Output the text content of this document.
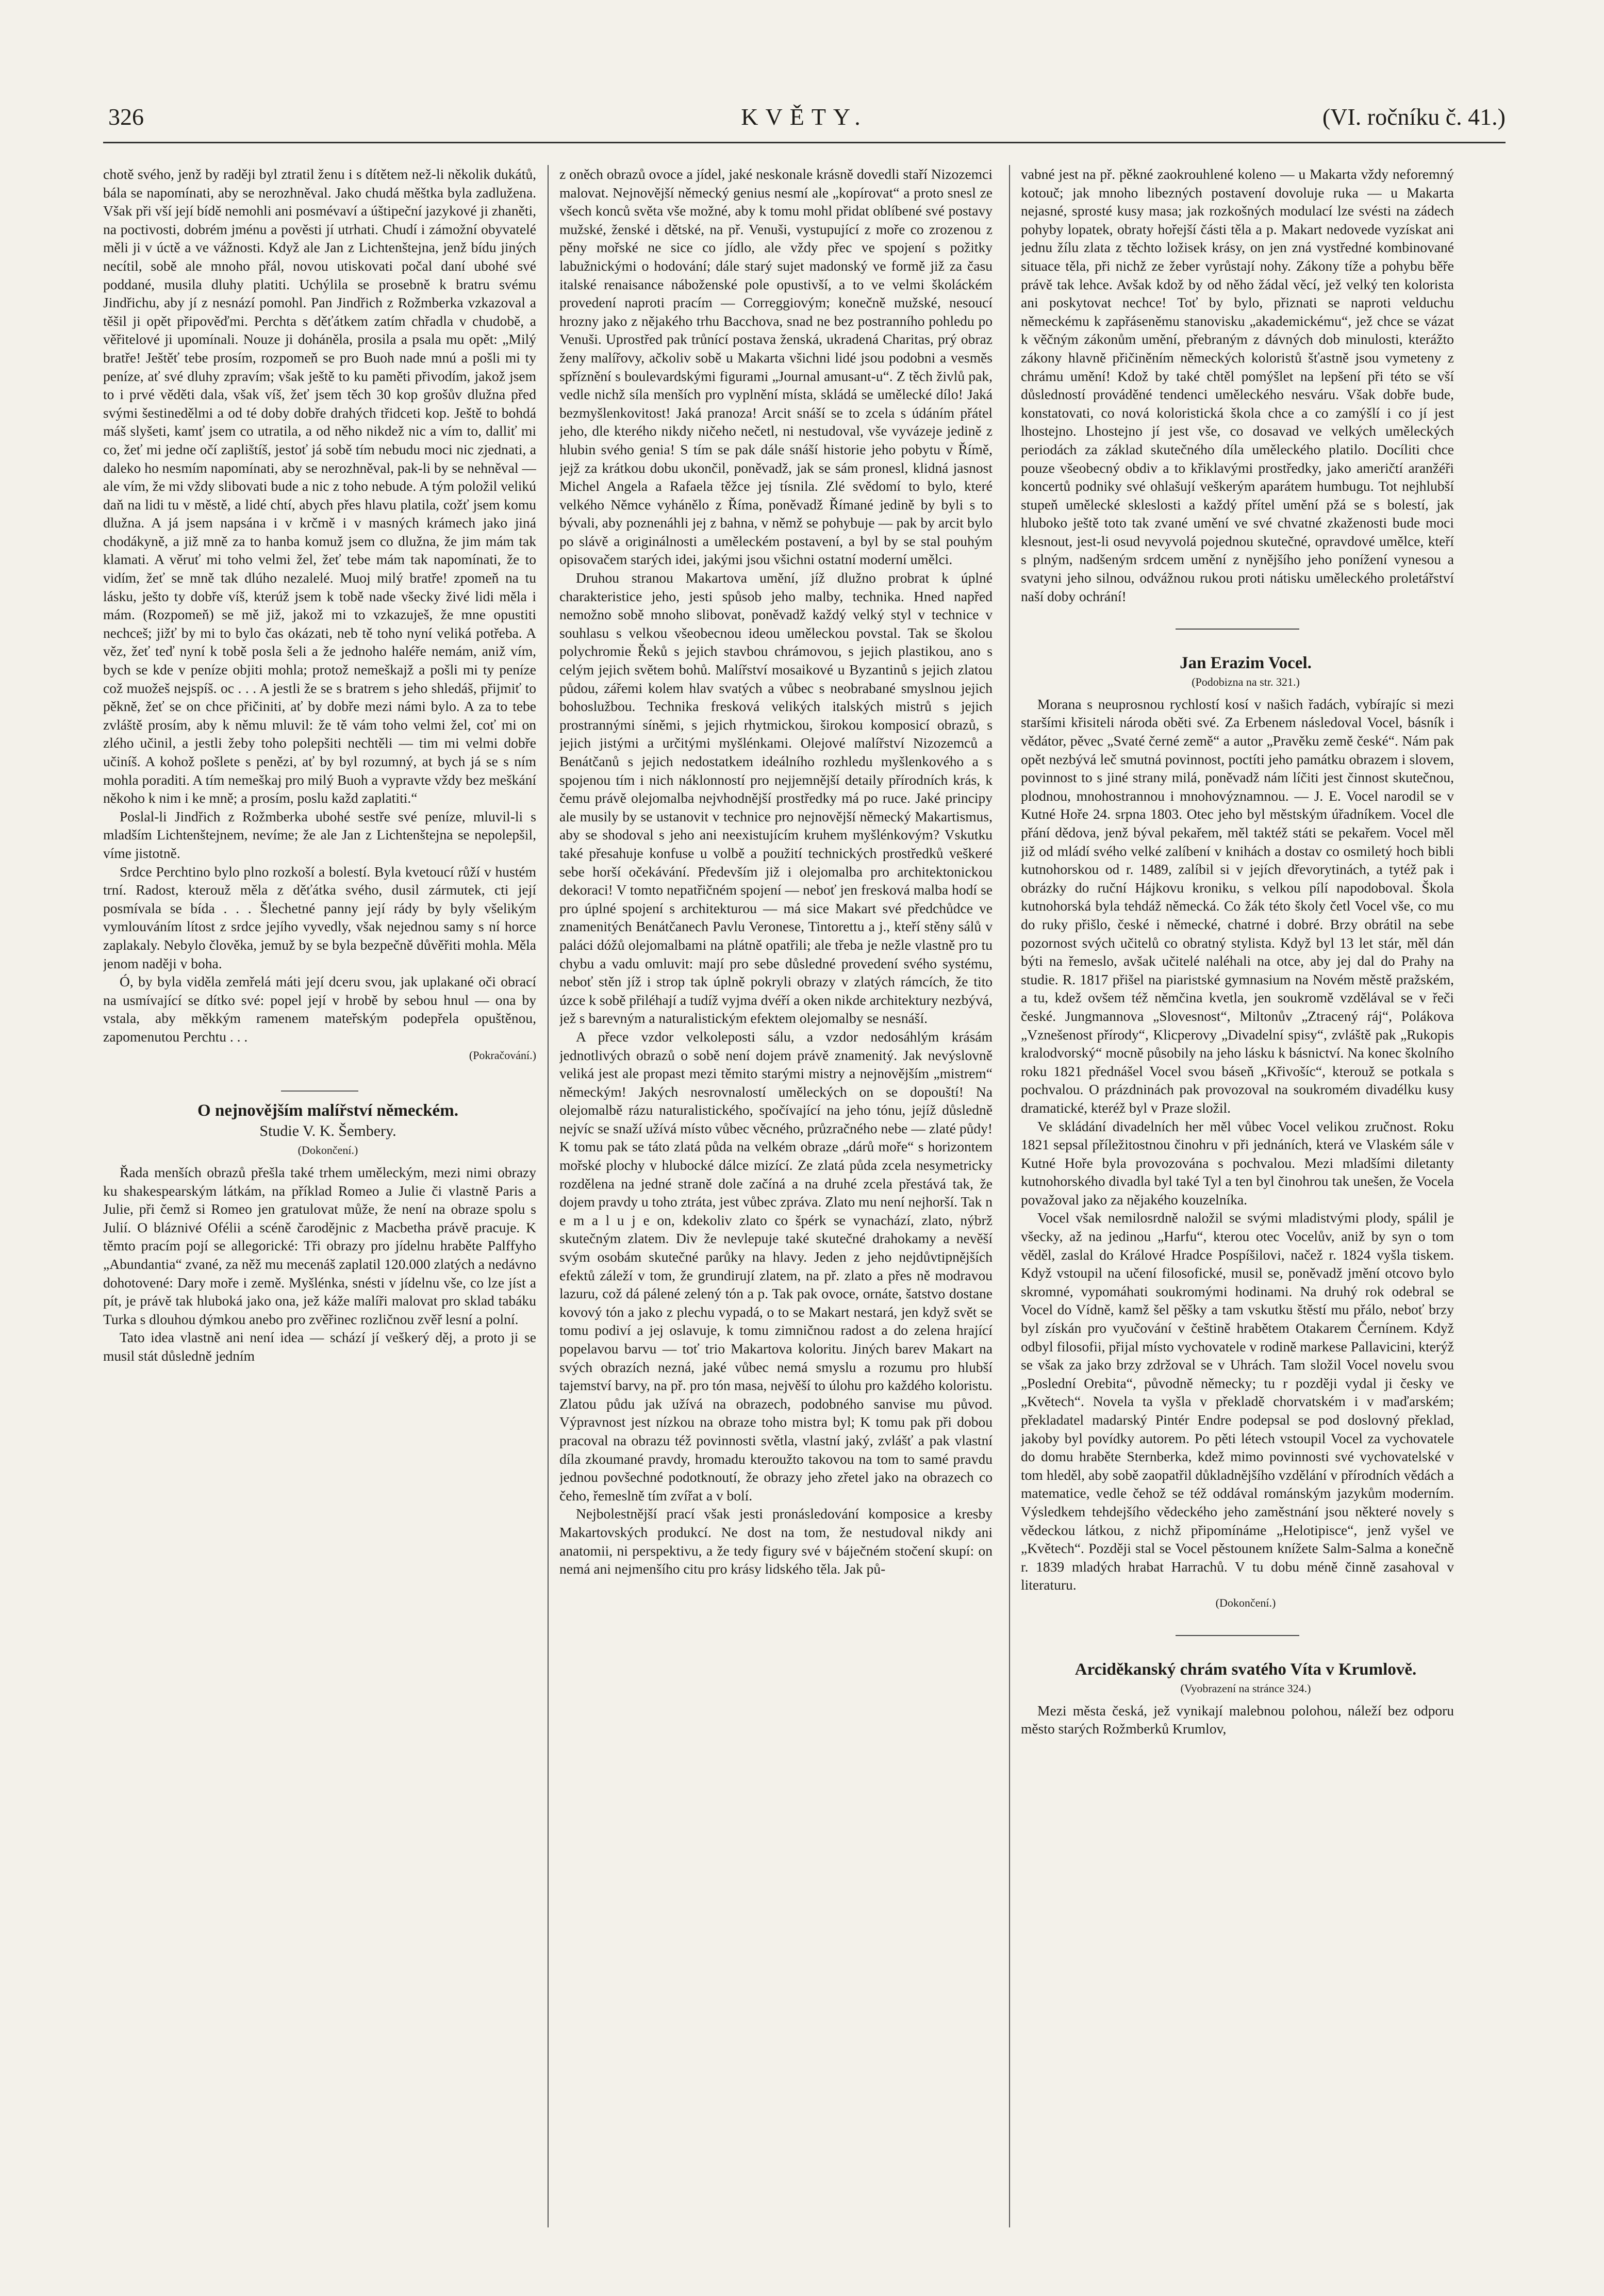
326	KVĚTY.	(VI. ročníku č. 41.)

chotě svého, jenž by raději byl ztratil ženu i s dítětem než-li několik dukátů, bála se napomínati, aby se nerozhněval. Jako chudá měštka byla zadlužena. Však při vší její bídě nemohli ani posmévaví a úštipeční jazykové ji zhaněti, na poctivosti, dobrém jménu a pověsti jí utrhati. Chudí i zámožní obyvatelé měli ji v úctě a ve vážnosti. Když ale Jan z Lichtenštejna, jenž bídu jiných necítil, sobě ale mnoho přál, novou utiskovati počal daní ubohé své poddané, musila dluhy platiti. Uchýlila se prosebně k bratru svému Jindřichu, aby jí z nesnází pomohl. Pan Jindřich z Rožmberka vzkazoval a těšil ji opět připověďmi. Perchta s děťátkem zatím chřadla v chudobě, a věřitelové ji upomínali. Nouze ji doháněla, prosila a psala mu opět: „Milý bratře! Ještěť tebe prosím, rozpomeň se pro Buoh nade mnú a pošli mi ty peníze, ať své dluhy zpravím; však ještě to ku paměti přivodím, jakož jsem to i prvé věděti dala, však víš, žeť jsem těch 30 kop grošův dlužna před svými šestinedělmi a od té doby dobře drahých třidceti kop. Ještě to bohdá máš slyšeti, kamť jsem co utratila, a od něho nikdež nic a vím to, dalliť mi co, žeť mi jedne očí zaplištíš, jestoť já sobě tím nebudu moci nic zjednati, a daleko ho nesmím napomínati, aby se nerozhněval, pak-li by se nehněval — ale vím, že mi vždy slibovati bude a nic z toho nebude. A tým položil velikú daň na lidi tu v městě, a lidé chtí, abych přes hlavu platila, cožť jsem komu dlužna. A já jsem napsána i v krčmě i v masných krámech jako jiná chodákyně, a již mně za to hanba komuž jsem co dlužna, že jim mám tak klamati. A věruť mi toho velmi žel, žeť tebe mám tak napomínati, že to vidím, žeť se mně tak dlúho nezalelé. Muoj milý bratře! zpomeň na tu lásku, ješto ty dobře víš, kterúž jsem k tobě nade všecky živé lidi měla i mám. (Rozpomeň) se mě již, jakož mi to vzkazuješ, že mne opustiti nechceš; jižť by mi to bylo čas okázati, neb tě toho nyní veliká potřeba. A věz, žeť teď nyní k tobě posla šeli a že jednoho haléře nemám, aniž vím, bych se kde v peníze objiti mohla; protož nemeškajž a pošli mi ty peníze což muožeš nejspíš. oc . . . A jestli že se s bratrem s jeho shledáš, přijmiť to pěkně, žeť se on chce přičiniti, ať by dobře mezi námi bylo. A za to tebe zvláště prosím, aby k němu mluvil: že tě vám toho velmi žel, coť mi on zlého učinil, a jestli žeby toho polepšiti nechtěli — tim mi velmi dobře učiníš. A kohož pošlete s penězi, ať by byl rozumný, at bych já se s ním mohla poraditi. A tím nemeškaj pro milý Buoh a vypravte vždy bez meškání někoho k nim i ke mně; a prosím, poslu každ zaplatiti.“

Poslal-li Jindřich z Rožmberka ubohé sestře své peníze, mluvil-li s mladším Lichtenštejnem, nevíme; že ale Jan z Lichtenštejna se nepolepšil, víme jistotně.

Srdce Perchtino bylo plno rozkoší a bolestí. Byla kvetoucí růží v hustém trní. Radost, kterouž měla z děťátka svého, dusil zármutek, cti její posmívala se bída . . . Šlechetné panny její rády by byly všelikým vymlouváním lítost z srdce jejího vyvedly, však nejednou samy s ní horce zaplakaly. Nebylo člověka, jemuž by se byla bezpečně důvěřiti mohla. Měla jenom naději v boha.

Ó, by byla viděla zemřelá máti její dceru svou, jak uplakané oči obrací na usmívající se dítko své: popel její v hrobě by sebou hnul — ona by vstala, aby měkkým ramenem mateřským podepřela opuštěnou, zapomenutou Perchtu . . .

(Pokračování.)

O nejnovějším malířství německém.

Studie V. K. Šembery.

(Dokončení.)

Řada menších obrazů přešla také trhem uměleckým, mezi nimi obrazy ku shakespearským látkám, na příklad Romeo a Julie či vlastně Paris a Julie, při čemž si Romeo jen gratulovat může, že není na obraze spolu s Julií. O bláznivé Ofélii a scéně čarodějnic z Macbetha právě pracuje. K těmto pracím pojí se allegorické: Tři obrazy pro jídelnu hraběte Palffyho „Abundantia“ zvané, za něž mu mecenáš zaplatil 120.000 zlatých a nedávno dohotovené: Dary moře i země. Myšlénka, snésti v jídelnu vše, co lze jíst a pít, je právě tak hluboká jako ona, jež káže malíři malovat pro sklad tabáku Turka s dlouhou dýmkou anebo pro zvěřinec rozličnou zvěř lesní a polní.

Tato idea vlastně ani není idea — schází jí veškerý děj, a proto ji se musil stát důsledně jedním

z oněch obrazů ovoce a jídel, jaké neskonale krásně dovedli staří Nizozemci malovat. Nejnovější německý genius nesmí ale „kopírovat“ a proto snesl ze všech konců světa vše možné, aby k tomu mohl přidat oblíbené své postavy mužské, ženské i dětské, na př. Venuši, vystupující z moře co zrozenou z pěny mořské ne sice co jídlo, ale vždy přec ve spojení s požitky labužnickými o hodování; dále starý sujet madonský ve formě již za času italské renaisance náboženské pole opustivší, a to ve velmi školáckém provedení naproti pracím — Correggiovým; konečně mužské, nesoucí hrozny jako z nějakého trhu Bacchova, snad ne bez postranního pohledu po Venuši. Uprostřed pak trůnící postava ženská, ukradená Charitas, prý obraz ženy malířovy, ačkoliv sobě u Makarta všichni lidé jsou podobni a vesměs spříznění s boulevardskými figurami „Journal amusant-u“. Z těch živlů pak, vedle nichž síla menších pro vyplnění místa, skládá se umělecké dílo! Jaká bezmyšlenkovitost! Jaká pranoza! Arcit snáší se to zcela s údáním přátel jeho, dle kterého nikdy ničeho nečetl, ni nestudoval, vše vyvázeje jedině z hlubin svého genia! S tím se pak dále snáší historie jeho pobytu v Římě, jejž za krátkou dobu ukončil, poněvadž, jak se sám pronesl, klidná jasnost Michel Angela a Rafaela těžce jej tísnila. Zlé svědomí to bylo, které velkého Němce vyhánělo z Říma, poněvadž Římané jedině by byli s to bývali, aby poznenáhli jej z bahna, v němž se pohybuje — pak by arcit bylo po slávě a originálnosti a uměleckém postavení, a byl by se stal pouhým opisovačem starých idei, jakými jsou všichni ostatní moderní umělci.

Druhou stranou Makartova umění, jíž dlužno probrat k úplné charakteristice jeho, jesti spůsob jeho malby, technika. Hned napřed nemožno sobě mnoho slibovat, poněvadž každý velký styl v technice v souhlasu s velkou všeobecnou ideou uměleckou povstal. Tak se školou polychromie Řeků s jejich stavbou chrámovou, s jejich plastikou, ano s celým jejich světem bohů. Malířství mosaikové u Byzantinů s jejich zlatou půdou, zářemi kolem hlav svatých a vůbec s neobrabané smyslnou jejich bohoslužbou. Technika fresková velikých italských mistrů s jejich prostrannými síněmi, s jejich rhytmickou, širokou komposicí obrazů, s jejich jistými a určitými myšlénkami. Olejové malířství Nizozemců a Benátčanů s jejich nedostatkem ideálního rozhledu myšlenkového a s spojenou tím i nich náklonností pro nejjemnější detaily přírodních krás, k čemu právě olejomalba nejvhodnější prostředky má po ruce. Jaké principy ale musily by se ustanovit v technice pro nejnovější německý Makartismus, aby se shodoval s jeho ani neexistujícím kruhem myšlénkovým? Vskutku také přesahuje konfuse u volbě a použití technických prostředků veškeré sebe horší očekávání. Především již i olejomalba pro architektonickou dekoraci! V tomto nepatřičném spojení — neboť jen fresková malba hodí se pro úplné spojení s architekturou — má sice Makart své předchůdce ve znamenitých Benátčanech Pavlu Veronese, Tintorettu a j., kteří stěny sálů v paláci dóžů olejomalbami na plátně opatřili; ale třeba je nežle vlastně pro tu chybu a vadu omluvit: mají pro sebe důsledné provedení svého systému, neboť stěn jíž i strop tak úplně pokryli obrazy v zlatých rámcích, že tito úzce k sobě přiléhají a tudíž vyjma dvéří a oken nikde architektury nezbývá, jež s barevným a naturalistickým efektem olejomalby se nesnáší.

A přece vzdor velkoleposti sálu, a vzdor nedosáhlým krásám jednotlivých obrazů o sobě není dojem právě znamenitý. Jak nevýslovně veliká jest ale propast mezi těmito starými mistry a nejnovějším „mistrem“ německým! Jakých nesrovnalostí uměleckých on se dopouští! Na olejomalbě rázu naturalistického, spočívající na jeho tónu, jejíž důsledně nejvíc se snaží užívá místo vůbec věcného, průzračného nebe — zlaté půdy! K tomu pak se táto zlatá půda na velkém obraze „dárů moře“ s horizontem mořské plochy v hlubocké dálce mizící. Ze zlatá půda zcela nesymetricky rozdělena na jedné straně dole začíná a na druhé zcela přestává tak, že dojem pravdy u toho ztráta, jest vůbec zpráva. Zlato mu není nejhorší. Tak n e m a l u j e on, kdekoliv zlato co špérk se vynachází, zlato, nýbrž skutečným zlatem. Div že nevlepuje také skutečné drahokamy a nevěší svým osobám skutečné parůky na hlavy. Jeden z jeho nejdůvtipnějších efektů záleží v tom, že grundirují zlatem, na př. zlato a přes ně modravou lazuru, což dá pálené zelený tón a p. Tak pak ovoce, ornáte, šatstvo dostane kovový tón a jako z plechu vypadá, o to se Makart nestará, jen když svět se tomu podiví a jej oslavuje, k tomu zimničnou radost a do zelena hrající popelavou barvu — toť trio Makartova koloritu. Jiných barev Makart na svých obrazích nezná, jaké vůbec nemá smyslu a rozumu pro hlubší tajemství barvy, na př. pro tón masa, nejvěší to úlohu pro každého koloristu. Zlatou půdu jak užívá na obrazech, podobného sanvise mu původ. Výpravnost jest nízkou na obraze toho mistra byl; K tomu pak při dobou pracoval na obrazu též povinnosti světla, vlastní jaký, zvlášť a pak vlastní díla zkoumané pravdy, hromadu kteroužto takovou na tom to samé pravdu jednou povšechné podotknoutí, že obrazy jeho zřetel jako na obrazech co čeho, řemeslně tím zvířat a v bolí.

Nejbolestnější prací však jesti pronásledování komposice a kresby Makartovských produkcí. Ne dost na tom, že nestudoval nikdy ani anatomii, ni perspektivu, a že tedy figury své v báječném stočení skupí: on nemá ani nejmenšího citu pro krásy lidského těla. Jak pů-

vabné jest na př. pěkné zaokrouhlené koleno — u Makarta vždy neforemný kotouč; jak mnoho libezných postavení dovoluje ruka — u Makarta nejasné, sprosté kusy masa; jak rozkošných modulací lze svésti na zádech pohyby lopatek, obraty hořejší části těla a p. Makart nedovede vyzískat ani jednu žílu zlata z těchto ložisek krásy, on jen zná vystředné kombinované situace těla, při nichž ze žeber vyrůstají nohy. Zákony tíže a pohybu běře právě tak lehce. Avšak kdož by od něho žádal věcí, jež velký ten kolorista ani poskytovat nechce! Toť by bylo, přiznati se naproti velduchu německému k zapřáseněmu stanovisku „akademickému“, jež chce se vázat k věčným zákonům umění, přebraným z dávných dob minulosti, kterážto zákony hlavně přičiněním německých koloristů šťastně jsou vymeteny z chrámu umění! Kdož by také chtěl pomýšlet na lepšení při této se vší důsledností prováděné tendenci uměleckého nesváru. Však dobře bude, konstatovati, co nová koloristická škola chce a co zamýšlí i co jí jest lhostejno. Lhostejno jí jest vše, co dosavad ve velkých uměleckých periodách za základ skutečného díla uměleckého platilo. Docíliti chce pouze všeobecný obdiv a to křiklavými prostředky, jako američtí aranžéři koncertů podniky své ohlašují veškerým aparátem humbugu. Tot nejhlubší stupeň umělecké skleslosti a každý přítel umění pžá se s bolestí, jak hluboko ještě toto tak zvané umění ve své chvatné zkaženosti bude moci klesnout, jest-li osud nevyvolá pojednou skutečné, opravdové umělce, kteří s plným, nadšeným srdcem umění z nynějšího jeho ponížení vynesou a svatyni jeho silnou, odvážnou rukou proti nátisku uměleckého proletářství naší doby ochrání!

Jan Erazim Vocel.

(Podobizna na str. 321.)

Morana s neuprosnou rychlostí kosí v našich řadách, vybírajíc si mezi staršími křisiteli národa oběti své. Za Erbenem následoval Vocel, básník i vědátor, pěvec „Svaté černé země“ a autor „Pravěku země české“. Nám pak opět nezbývá leč smutná povinnost, poctíti jeho památku obrazem i slovem, povinnost to s jiné strany milá, poněvadž nám líčiti jest činnost skutečnou, plodnou, mnohostrannou i mnohovýznamnou. — J. E. Vocel narodil se v Kutné Hoře 24. srpna 1803. Otec jeho byl městským úřadníkem. Vocel dle přání dědova, jenž býval pekařem, měl taktéž státi se pekařem. Vocel měl již od mládí svého velké zalíbení v knihách a dostav co osmiletý hoch bibli kutnohorskou od r. 1489, zalíbil si v jejích dřevorytinách, a tytéž pak i obrázky do ruční Hájkovu kroniku, s velkou pílí napodoboval. Škola kutnohorská byla tehdáž německá. Co žák této školy četl Vocel vše, co mu do ruky přišlo, české i německé, chatrné i dobré. Brzy obrátil na sebe pozornost svých učitelů co obratný stylista. Když byl 13 let stár, měl dán býti na řemeslo, avšak učitelé naléhali na otce, aby jej dal do Prahy na studie. R. 1817 přišel na piaristské gymnasium na Novém městě pražském, a tu, kdež ovšem též němčina kvetla, jen soukromě vzdělával se v řeči české. Jungmannova „Slovesnost“, Miltonův „Ztracený ráj“, Polákova „Vznešenost přírody“, Klicperovy „Divadelní spisy“, zvláště pak „Rukopis kralodvorský“ mocně působily na jeho lásku k básnictví. Na konec školního roku 1821 přednášel Vocel svou báseň „Křivošíc“, kterouž se potkala s pochvalou. O prázdninách pak provozoval na soukromém divadélku kusy dramatické, kteréž byl v Praze složil.

Ve skládání divadelních her měl vůbec Vocel velikou zručnost. Roku 1821 sepsal příležitostnou činohru v při jednáních, která ve Vlaském sále v Kutné Hoře byla provozována s pochvalou. Mezi mladšími diletanty kutnohorského divadla byl také Tyl a ten byl činohrou tak unešen, že Vocela považoval jako za nějakého kouzelníka.

Vocel však nemilosrdně naložil se svými mladistvými plody, spálil je všecky, až na jedinou „Harfu“, kterou otec Vocelův, aniž by syn o tom věděl, zaslal do Králové Hradce Pospíšilovi, načež r. 1824 vyšla tiskem. Když vstoupil na učení filosofické, musil se, poněvadž jmění otcovo bylo skromné, vypomáhati soukromými hodinami. Na druhý rok odebral se Vocel do Vídně, kamž šel pěšky a tam vskutku štěstí mu přálo, neboť brzy byl získán pro vyučování v češtině hrabětem Otakarem Černínem. Když odbyl filosofii, přijal místo vychovatele v rodině markese Pallavicini, kterýž se však za jako brzy zdržoval se v Uhrách. Tam složil Vocel novelu svou „Poslední Orebita“, původně německy; tu r později vydal ji česky ve „Květech“. Novela ta vyšla v překladě chorvatském i v maďarském; překladatel madarský Pintér Endre podepsal se pod doslovný překlad, jakoby byl povídky autorem. Po pěti létech vstoupil Vocel za vychovatele do domu hraběte Sternberka, kdež mimo povinnosti své vychovatelské v tom hleděl, aby sobě zaopatřil důkladnějšího vzdělání v přírodních vědách a matematice, vedle čehož se též oddával románským jazykům moderním. Výsledkem tehdejšího vědeckého jeho zaměstnání jsou některé novely s vědeckou látkou, z nichž připomínáme „Helotipisce“, jenž vyšel ve „Květech“. Později stal se Vocel pěstounem knížete Salm-Salma a konečně r. 1839 mladých hrabat Harrachů. V tu dobu méně činně zasahoval v literaturu.

(Dokončení.)

Arciděkanský chrám svatého Víta v Krumlově.

(Vyobrazení na stránce 324.)

Mezi města česká, jež vynikají malebnou polohou, náleží bez odporu město starých Rožmberků Krumlov,
